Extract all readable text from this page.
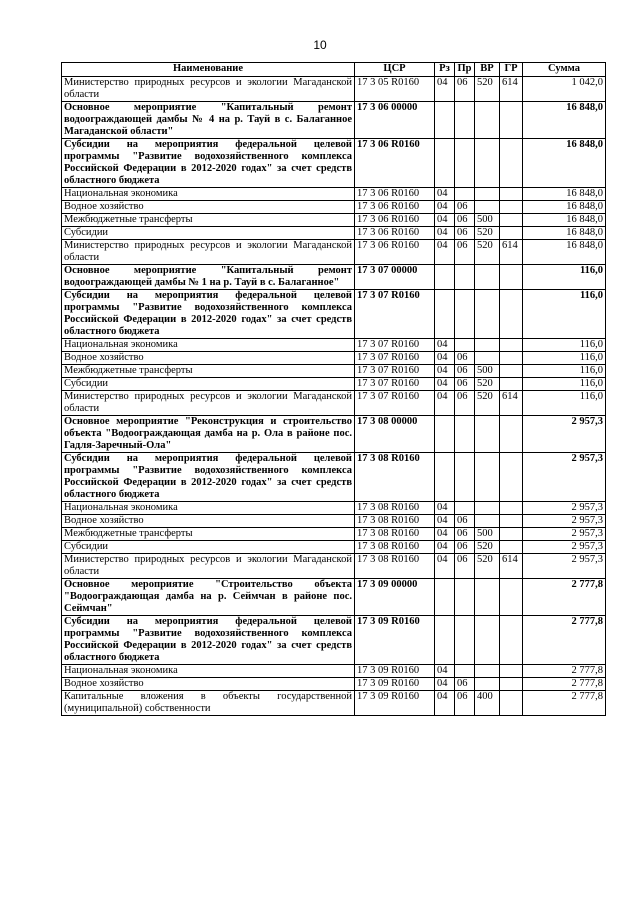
10
Наименование	ЦСР	Рз	Пр	ВР	ГР	Сумма
Министерство природных ресурсов и экологии Магаданской области	17 3 05 R0160	04	06	520	614	1 042,0
Основное мероприятие "Капитальный ремонт водоограждающей дамбы № 4 на р. Тауй в с. Балаганное Магаданской области"	17 3 06 00000					16 848,0
Субсидии на мероприятия федеральной целевой программы "Развитие водохозяйственного комплекса Российской Федерации в 2012-2020 годах" за счет средств областного бюджета	17 3 06 R0160					16 848,0
Национальная экономика	17 3 06 R0160	04				16 848,0
Водное хозяйство	17 3 06 R0160	04	06			16 848,0
Межбюджетные трансферты	17 3 06 R0160	04	06	500		16 848,0
Субсидии	17 3 06 R0160	04	06	520		16 848,0
Министерство природных ресурсов и экологии Магаданской области	17 3 06 R0160	04	06	520	614	16 848,0
Основное мероприятие "Капитальный ремонт водоограждающей дамбы № 1 на р. Тауй в с. Балаганное"	17 3 07 00000					116,0
Субсидии на мероприятия федеральной целевой программы "Развитие водохозяйственного комплекса Российской Федерации в 2012-2020 годах" за счет средств областного бюджета	17 3 07 R0160					116,0
Национальная экономика	17 3 07 R0160	04				116,0
Водное хозяйство	17 3 07 R0160	04	06			116,0
Межбюджетные трансферты	17 3 07 R0160	04	06	500		116,0
Субсидии	17 3 07 R0160	04	06	520		116,0
Министерство природных ресурсов и экологии Магаданской области	17 3 07 R0160	04	06	520	614	116,0
Основное мероприятие "Реконструкция и строительство объекта "Водоограждающая дамба на р. Ола в районе пос. Гадля-Заречный-Ола"	17 3 08 00000					2 957,3
Субсидии на мероприятия федеральной целевой программы "Развитие водохозяйственного комплекса Российской Федерации в 2012-2020 годах" за счет средств областного бюджета	17 3 08 R0160					2 957,3
Национальная экономика	17 3 08 R0160	04				2 957,3
Водное хозяйство	17 3 08 R0160	04	06			2 957,3
Межбюджетные трансферты	17 3 08 R0160	04	06	500		2 957,3
Субсидии	17 3 08 R0160	04	06	520		2 957,3
Министерство природных ресурсов и экологии Магаданской области	17 3 08 R0160	04	06	520	614	2 957,3
Основное мероприятие "Строительство объекта "Водоограждающая дамба на р. Сеймчан в районе пос. Сеймчан"	17 3 09 00000					2 777,8
Субсидии на мероприятия федеральной целевой программы "Развитие водохозяйственного комплекса Российской Федерации в 2012-2020 годах" за счет средств областного бюджета	17 3 09 R0160					2 777,8
Национальная экономика	17 3 09 R0160	04				2 777,8
Водное хозяйство	17 3 09 R0160	04	06			2 777,8
Капитальные вложения в объекты государственной (муниципальной) собственности	17 3 09 R0160	04	06	400		2 777,8
